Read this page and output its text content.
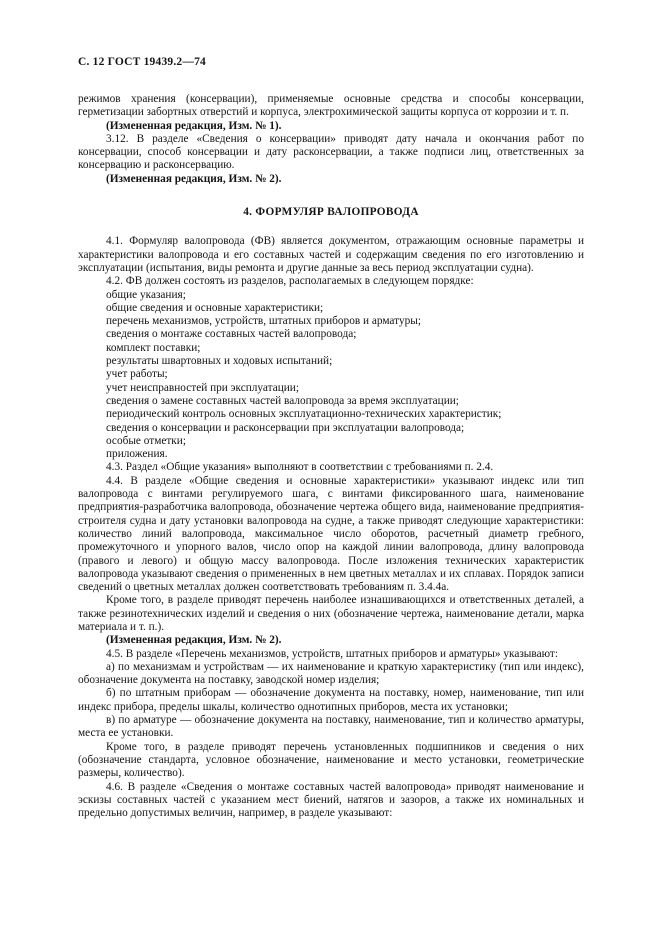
С. 12 ГОСТ 19439.2—74

режимов хранения (консервации), применяемые основные средства и способы консервации, герметизации забортных отверстий и корпуса, электрохимической защиты корпуса от коррозии и т. п.

(Измененная редакция, Изм. № 1).

3.12. В разделе «Сведения о консервации» приводят дату начала и окончания работ по консервации, способ консервации и дату расконсервации, а также подписи лиц, ответственных за консервацию и расконсервацию.

(Измененная редакция, Изм. № 2).

4. ФОРМУЛЯР ВАЛОПРОВОДА

4.1. Формуляр валопровода (ФВ) является документом, отражающим основные параметры и характеристики валопровода и его составных частей и содержащим сведения по его изготовлению и эксплуатации (испытания, виды ремонта и другие данные за весь период эксплуатации судна).

4.2. ФВ должен состоять из разделов, располагаемых в следующем порядке:

общие указания;

общие сведения и основные характеристики;

перечень механизмов, устройств, штатных приборов и арматуры;

сведения о монтаже составных частей валопровода;

комплект поставки;

результаты швартовных и ходовых испытаний;

учет работы;

учет неисправностей при эксплуатации;

сведения о замене составных частей валопровода за время эксплуатации;

периодический контроль основных эксплуатационно-технических характеристик;

сведения о консервации и расконсервации при эксплуатации валопровода;

особые отметки;

приложения.

4.3. Раздел «Общие указания» выполняют в соответствии с требованиями п. 2.4.

4.4. В разделе «Общие сведения и основные характеристики» указывают индекс или тип валопровода с винтами регулируемого шага, с винтами фиксированного шага, наименование предприятия-разработчика валопровода, обозначение чертежа общего вида, наименование предприятия-строителя судна и дату установки валопровода на судне, а также приводят следующие характеристики: количество линий валопровода, максимальное число оборотов, расчетный диаметр гребного, промежуточного и упорного валов, число опор на каждой линии валопровода, длину валопровода (правого и левого) и общую массу валопровода. После изложения технических характеристик валопровода указывают сведения о примененных в нем цветных металлах и их сплавах. Порядок записи сведений о цветных металлах должен соответствовать требованиям п. 3.4.4а.

Кроме того, в разделе приводят перечень наиболее изнашивающихся и ответственных деталей, а также резинотехнических изделий и сведения о них (обозначение чертежа, наименование детали, марка материала и т. п.).

(Измененная редакция, Изм. № 2).

4.5. В разделе «Перечень механизмов, устройств, штатных приборов и арматуры» указывают:

а) по механизмам и устройствам — их наименование и краткую характеристику (тип или индекс), обозначение документа на поставку, заводской номер изделия;

б) по штатным приборам — обозначение документа на поставку, номер, наименование, тип или индекс прибора, пределы шкалы, количество однотипных приборов, места их установки;

в) по арматуре — обозначение документа на поставку, наименование, тип и количество арматуры, места ее установки.

Кроме того, в разделе приводят перечень установленных подшипников и сведения о них (обозначение стандарта, условное обозначение, наименование и место установки, геометрические размеры, количество).

4.6. В разделе «Сведения о монтаже составных частей валопровода» приводят наименование и эскизы составных частей с указанием мест биений, натягов и зазоров, а также их номинальных и предельно допустимых величин, например, в разделе указывают:
